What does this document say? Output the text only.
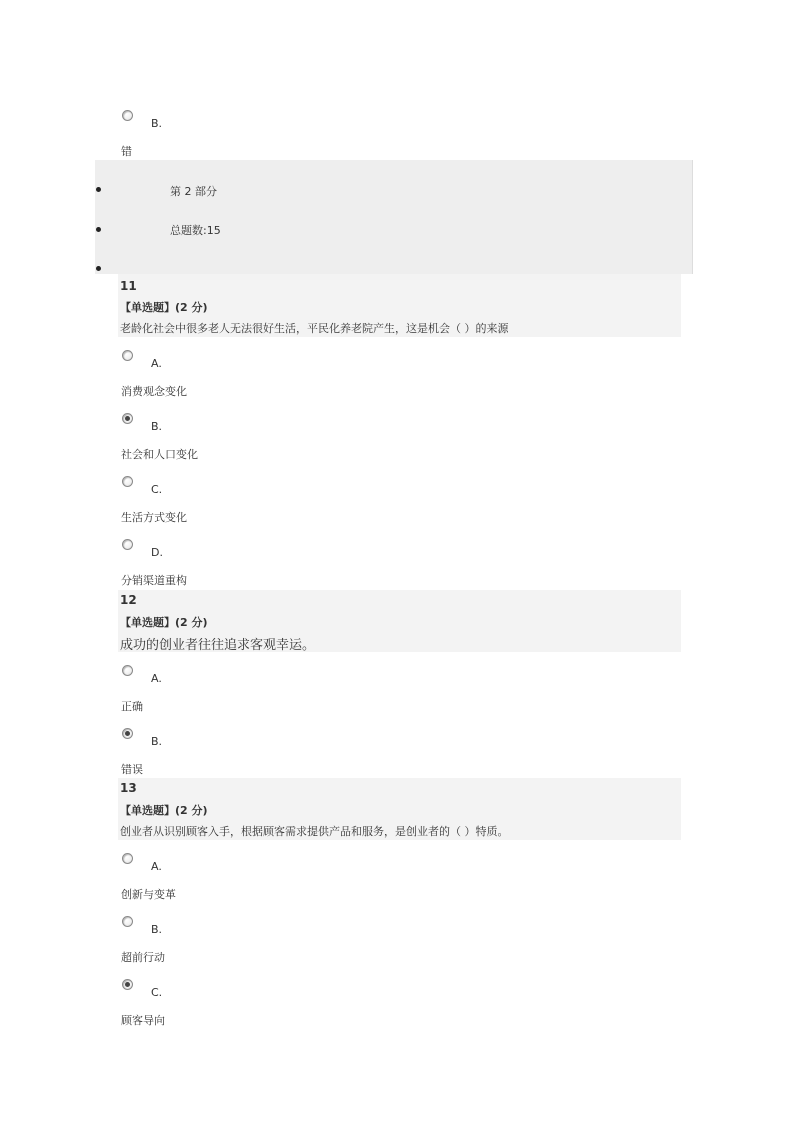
B.
错
第 2 部分
总题数:15
11
【单选题】(2 分)
老龄化社会中很多老人无法很好生活，平民化养老院产生，这是机会（ ）的来源
A.
消费观念变化
B.
社会和人口变化
C.
生活方式变化
D.
分销渠道重构
12
【单选题】(2 分)
成功的创业者往往追求客观幸运。
A.
正确
B.
错误
13
【单选题】(2 分)
创业者从识别顾客入手，根据顾客需求提供产品和服务，是创业者的（ ）特质。
A.
创新与变革
B.
超前行动
C.
顾客导向
